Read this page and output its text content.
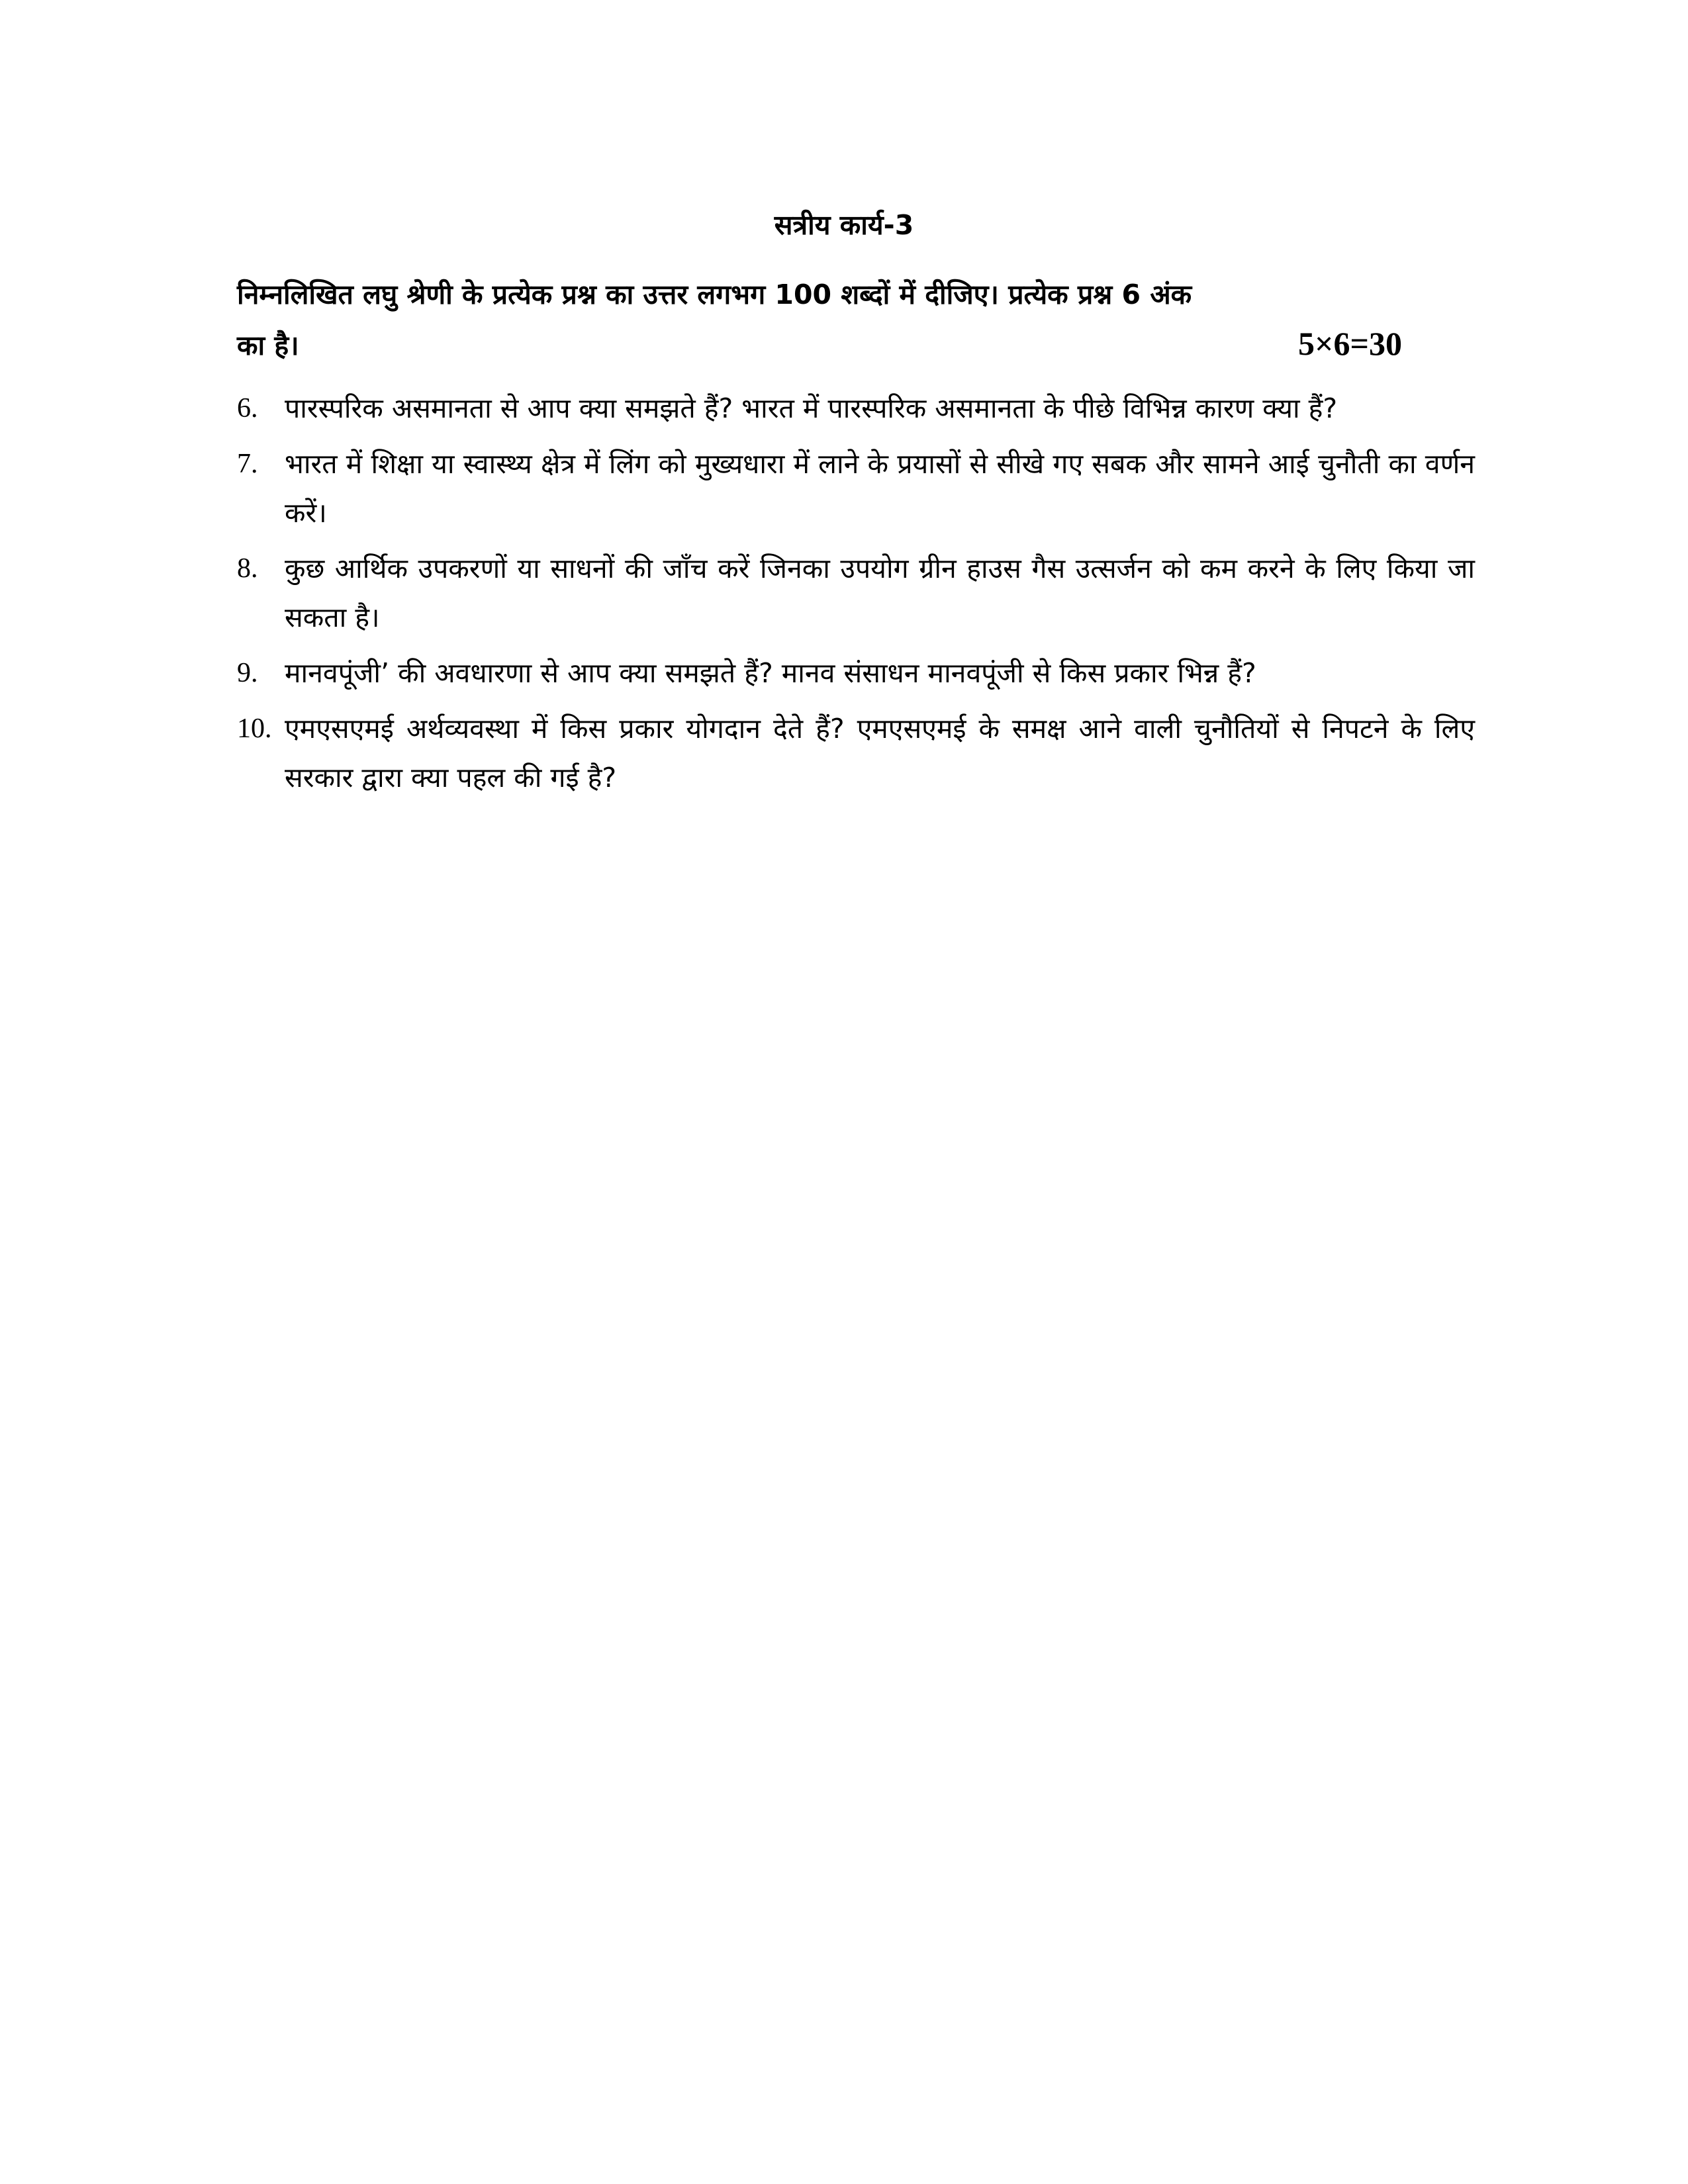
सत्रीय कार्य-3
निम्नलिखित लघु श्रेणी के प्रत्येक प्रश्न का उत्तर लगभग 100 शब्दों में दीजिए। प्रत्येक प्रश्न 6 अंक
का है।	5×6=30
6. पारस्परिक असमानता से आप क्या समझते हैं? भारत में पारस्परिक असमानता के पीछे विभिन्न कारण क्या हैं?
7. भारत में शिक्षा या स्वास्थ्य क्षेत्र में लिंग को मुख्यधारा में लाने के प्रयासों से सीखे गए सबक और सामने आई चुनौती का वर्णन करें।
8. कुछ आर्थिक उपकरणों या साधनों की जाँच करें जिनका उपयोग ग्रीन हाउस गैस उत्सर्जन को कम करने के लिए किया जा सकता है।
9. मानवपूंजी’ की अवधारणा से आप क्या समझते हैं? मानव संसाधन मानवपूंजी से किस प्रकार भिन्न हैं?
10. एमएसएमई अर्थव्यवस्था में किस प्रकार योगदान देते हैं? एमएसएमई के समक्ष आने वाली चुनौतियों से निपटने के लिए सरकार द्वारा क्या पहल की गई है?
